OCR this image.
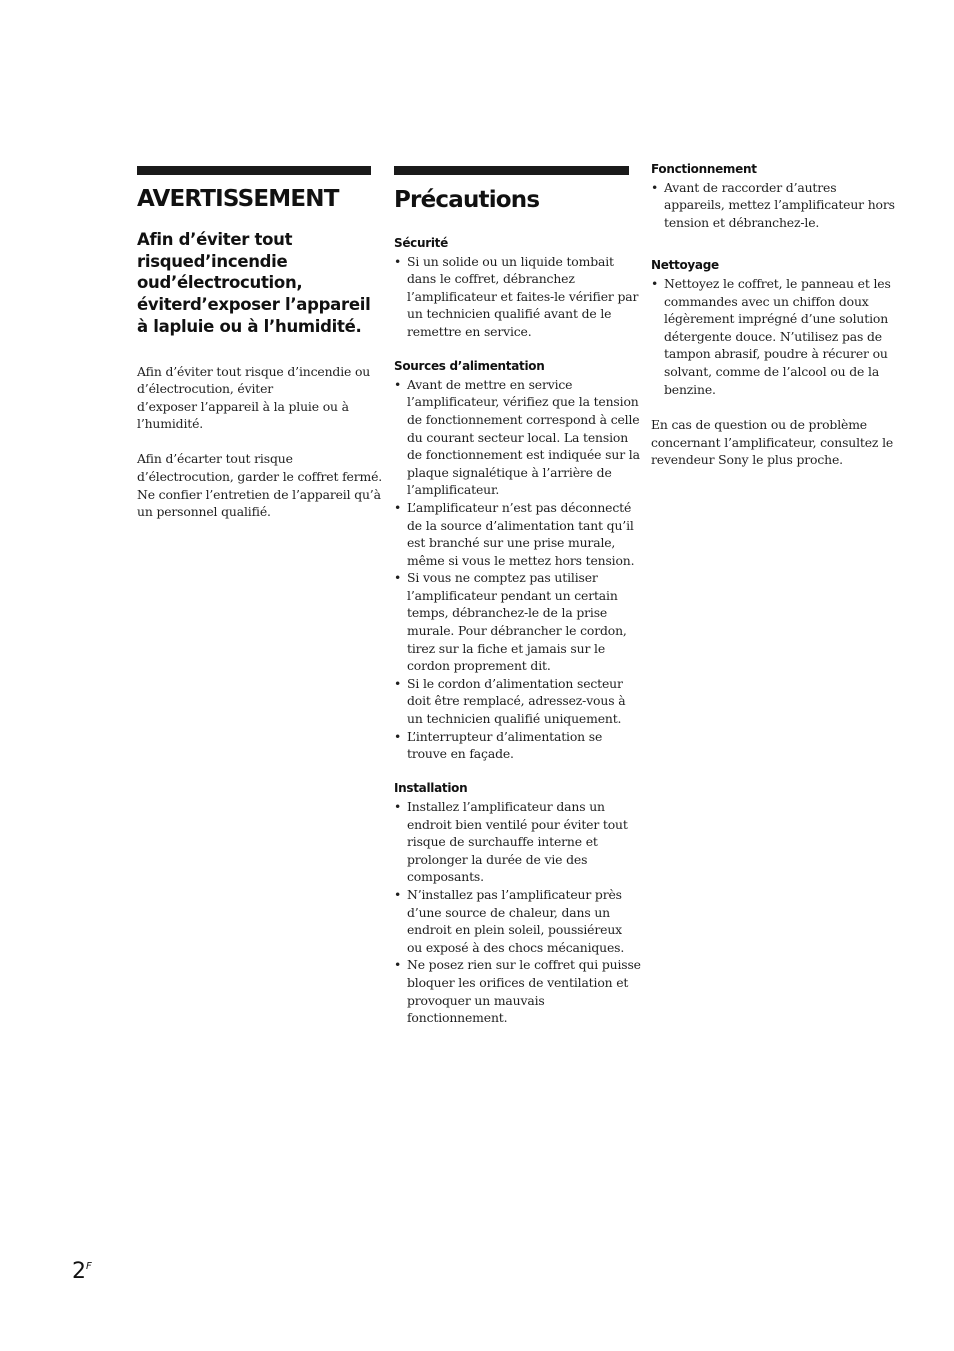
AVERTISSEMENT
Afin d’éviter tout risqued’incendie oud’électrocution, éviterd’exposer l’appareil à lapluie ou à l’humidité.

Afin d’éviter tout risque d’incendie ou
d’électrocution, éviter
d’exposer l’appareil à la pluie ou à
l’humidité.

Afin d’écarter tout risque
d’électrocution, garder le coffret fermé.
Ne confier l’entretien de l’appareil qu’à
un personnel qualifié.

Précautions
Sécurité
• Si un solide ou un liquide tombait
dans le coffret, débranchez
l’amplificateur et faites-le vérifier par
un technicien qualifié avant de le
remettre en service.
Sources d’alimentation
• Avant de mettre en service
l’amplificateur, vérifiez que la tension
de fonctionnement correspond à celle
du courant secteur local. La tension
de fonctionnement est indiquée sur la
plaque signalétique à l’arrière de
l’amplificateur.
• L’amplificateur n’est pas déconnecté
de la source d’alimentation tant qu’il
est branché sur une prise murale,
même si vous le mettez hors tension.
• Si vous ne comptez pas utiliser
l’amplificateur pendant un certain
temps, débranchez-le de la prise
murale. Pour débrancher le cordon,
tirez sur la fiche et jamais sur le
cordon proprement dit.
• Si le cordon d’alimentation secteur
doit être remplacé, adressez-vous à
un technicien qualifié uniquement.
• L’interrupteur d’alimentation se
trouve en façade.
Installation
• Installez l’amplificateur dans un
endroit bien ventilé pour éviter tout
risque de surchauffe interne et
prolonger la durée de vie des
composants.
• N’installez pas l’amplificateur près
d’une source de chaleur, dans un
endroit en plein soleil, poussiéreux
ou exposé à des chocs mécaniques.
• Ne posez rien sur le coffret qui puisse
bloquer les orifices de ventilation et
provoquer un mauvais
fonctionnement.
Fonctionnement
• Avant de raccorder d’autres
appareils, mettez l’amplificateur hors
tension et débranchez-le.
Nettoyage
• Nettoyez le coffret, le panneau et les
commandes avec un chiffon doux
légèrement imprégné d’une solution
détergente douce. N’utilisez pas de
tampon abrasif, poudre à récurer ou
solvant, comme de l’alcool ou de la
benzine.

En cas de question ou de problème
concernant l’amplificateur, consultez le
revendeur Sony le plus proche.

$2^F$
